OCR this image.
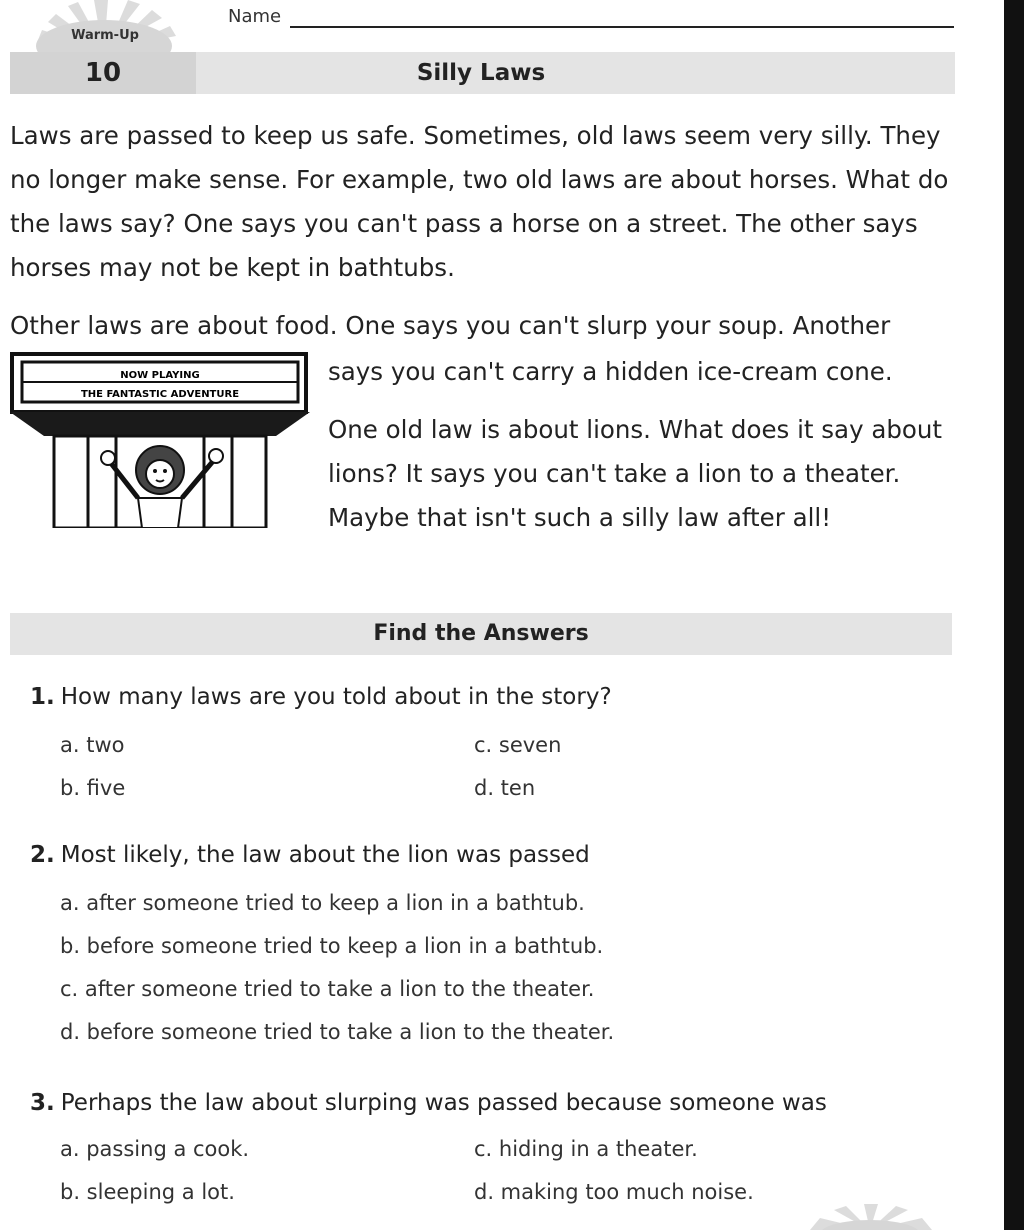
Warm-Up
Name
10	Silly Laws

Laws are passed to keep us safe. Sometimes, old laws seem very silly. They no longer make sense. For example, two old laws are about horses. What do the laws say? One says you can't pass a horse on a street. The other says horses may not be kept in bathtubs.

Other laws are about food. One says you can't slurp your soup. Another

says you can't carry a hidden ice-cream cone.

One old law is about lions. What does it say about lions? It says you can't take a lion to a theater. Maybe that isn't such a silly law after all!

NOW PLAYING
THE FANTASTIC ADVENTURE
Find the Answers
1. How many laws are you told about in the story?
a. two
b. five
c. seven
d. ten
2. Most likely, the law about the lion was passed
a. after someone tried to keep a lion in a bathtub.
b. before someone tried to keep a lion in a bathtub.
c. after someone tried to take a lion to the theater.
d. before someone tried to take a lion to the theater.
3. Perhaps the law about slurping was passed because someone was
a. passing a cook.
b. sleeping a lot.
c. hiding in a theater.
d. making too much noise.
